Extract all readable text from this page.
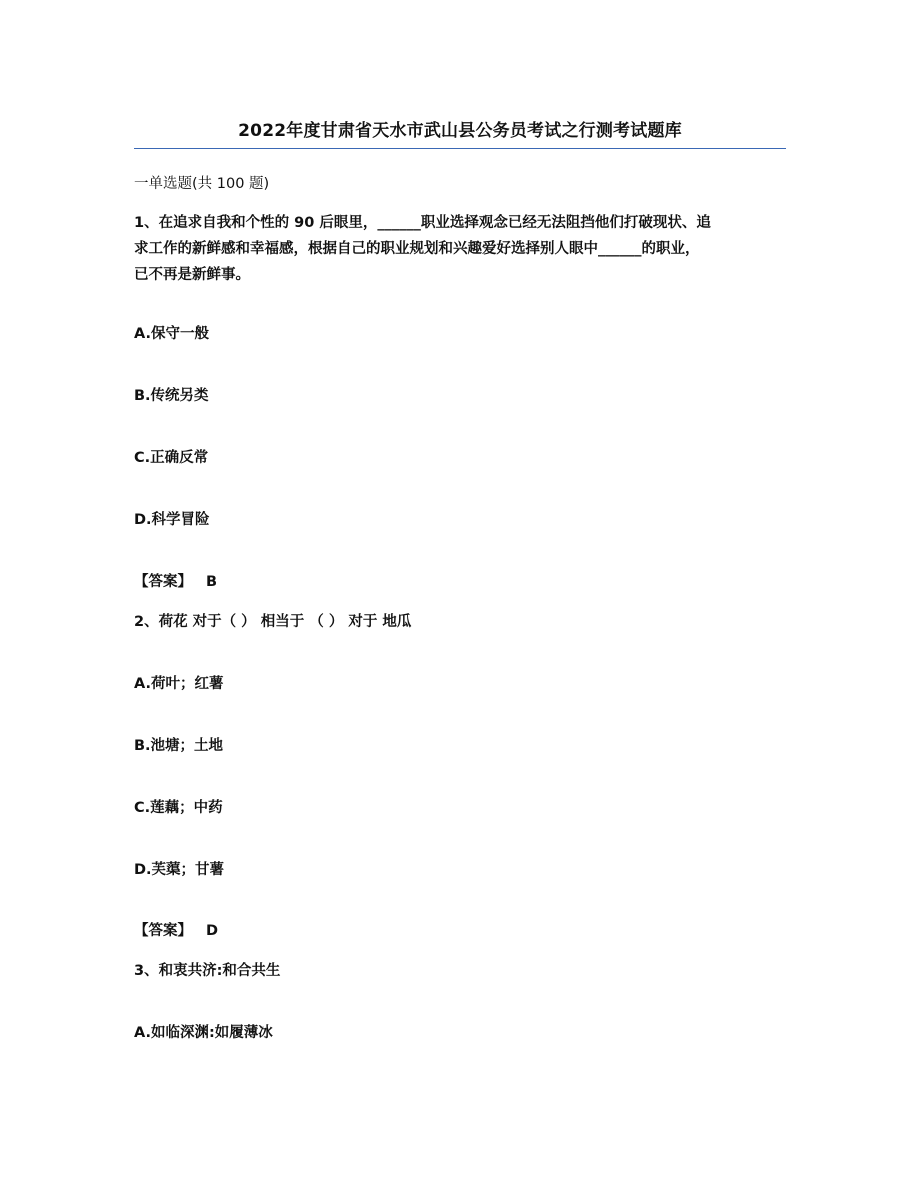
2022年度甘肃省天水市武山县公务员考试之行测考试题库

一单选题(共 100 题)

1、在追求自我和个性的 90 后眼里，______职业选择观念已经无法阻挡他们打破现状、追
求工作的新鲜感和幸福感，根据自己的职业规划和兴趣爱好选择别人眼中______的职业，
已不再是新鲜事。

A.保守一般

B.传统另类

C.正确反常

D.科学冒险

【答案】 B

2、荷花 对于（ ） 相当于 （ ） 对于 地瓜

A.荷叶；红薯

B.池塘；土地

C.莲藕；中药

D.芙蕖；甘薯

【答案】 D

3、和衷共济:和合共生

A.如临深渊:如履薄冰
